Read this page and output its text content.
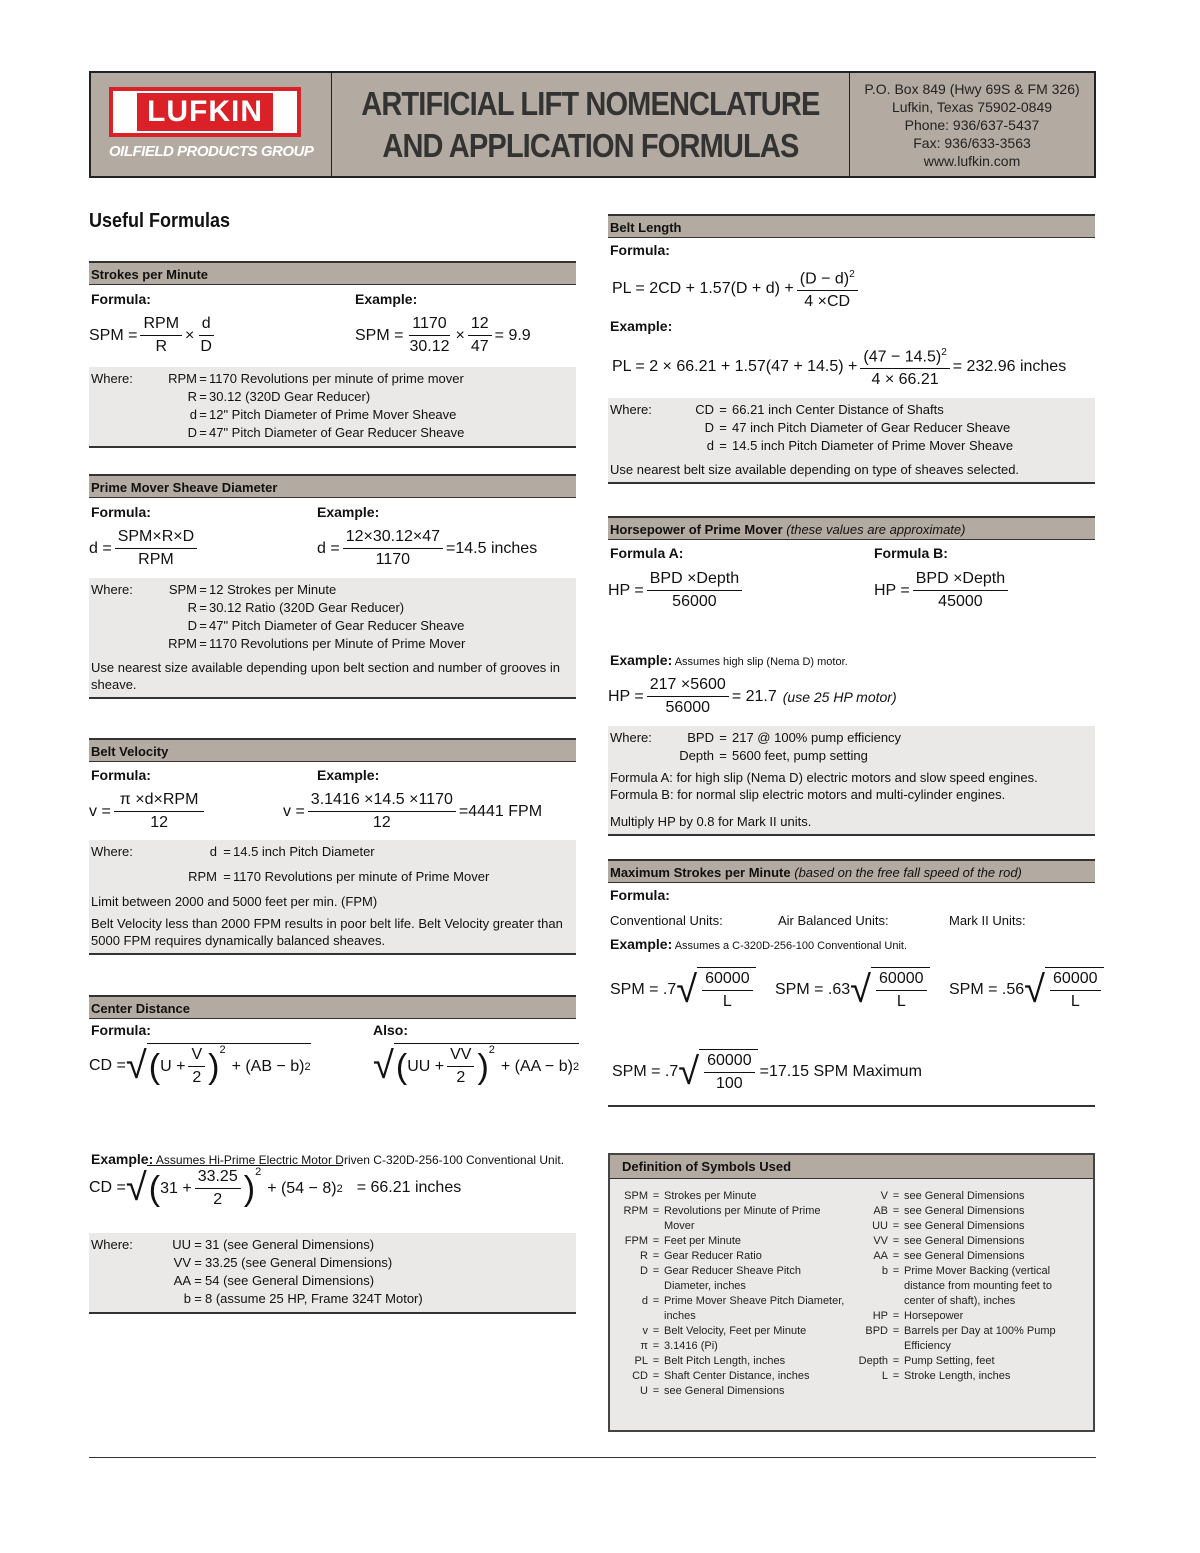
LUFKIN
OILFIELD PRODUCTS GROUP
ARTIFICIAL LIFT NOMENCLATURE
AND APPLICATION FORMULAS
P.O. Box 849 (Hwy 69S & FM 326)
Lufkin, Texas 75902-0849
Phone: 936/637-5437
Fax: 936/633-3563
www.lufkin.com
Useful Formulas
Strokes per Minute
Formula:	Example:
SPM = $\frac{\text{RPM}}{R} \times \frac{d}{D}$	SPM = $\frac{1170}{30.12} \times \frac{12}{47} = 9.9$
Where:	RPM = 1170 Revolutions per minute of prime mover
R = 30.12 (320D Gear Reducer)
d = 12" Pitch Diameter of Prime Mover Sheave
D = 47" Pitch Diameter of Gear Reducer Sheave
Prime Mover Sheave Diameter
Formula:	Example:
$d = \frac{\text{SPM×R×D}}{\text{RPM}}$	$d = \frac{12\times 30.12\times 47}{1170} =14.5$ inches
Where:	SPM = 12 Strokes per Minute
R = 30.12 Ratio (320D Gear Reducer)
D = 47" Pitch Diameter of Gear Reducer Sheave
RPM = 1170 Revolutions per Minute of Prime Mover
Use nearest size available depending upon belt section and number of grooves in sheave.
Belt Velocity
Formula:	Example:
$v = \frac{\text{π ×d×RPM}}{12}$	$v = \frac{3.1416 \times 14.5 \times 1170}{12} =4441$ FPM
Where:	d = 14.5 inch Pitch Diameter
RPM = 1170 Revolutions per minute of Prime Mover
Limit between 2000 and 5000 feet per min. (FPM)
Belt Velocity less than 2000 FPM results in poor belt life. Belt Velocity greater than 5000 FPM requires dynamically balanced sheaves.
Center Distance
Formula:	Also:
CD = √ ( $U + \frac{V}{2} )^2$
+ (AB − b) 2 √ ( UU + $\frac{VV}{2} )^2$
+ (AA − b) 2
Example: Assumes Hi-Prime Electric Motor Driven C-320D-256-100 Conventional Unit.
CD = √ ( $31 + \frac{33.25}{2} )^2$
+ (54 − 8) 2 = 66.21 inches
Where:	UU = 31 (see General Dimensions)
VV = 33.25 (see General Dimensions)
AA = 54 (see General Dimensions)
b = 8 (assume 25 HP, Frame 324T Motor)
Belt Length
Formula:
PL = $2CD + 1.57(D + d) + \frac{(D - d)^2}{4 \times CD}$
Example:
PL = $2 \times 66.21 + 1.57(47 + 14.5) + \frac{(47 - 14.5)^2}{4 \times 66.21} = 232.96$ inches
Where:	CD = 66.21 inch Center Distance of Shafts
D = 47 inch Pitch Diameter of Gear Reducer Sheave
d = 14.5 inch Pitch Diameter of Prime Mover Sheave
Use nearest belt size available depending on type of sheaves selected.
Horsepower of Prime Mover (these values are approximate)
Formula A:	Formula B:
HP = $\frac{\text{BPD ×Depth}}{56000}$	HP = $\frac{\text{BPD ×Depth}}{45000}$
Example: Assumes high slip (Nema D) motor.
HP = $\frac{217 \times 5600}{56000} = 21.7$ (use 25 HP motor)
Where:	BPD = 217 @ 100% pump efficiency
Depth = 5600 feet, pump setting
Formula A: for high slip (Nema D) electric motors and slow speed engines.
Formula B: for normal slip electric motors and multi-cylinder engines.
Multiply HP by 0.8 for Mark II units.
Maximum Strokes per Minute (based on the free fall speed of the rod)
Formula:
Conventional Units:	Air Balanced Units:	Mark II Units:
Example: Assumes a C-320D-256-100 Conventional Unit.
SPM = .7 √ $\frac{60000}{L}$ SPM = .63 √ $\frac{60000}{L}$ SPM = .56 √ $\frac{60000}{L}$
SPM = .7 √ $\frac{60000}{100} =17.15$ SPM Maximum
Definition of Symbols Used
SPM = Strokes per Minute
RPM = Revolutions per Minute of Prime Mover
FPM = Feet per Minute
R = Gear Reducer Ratio
D = Gear Reducer Sheave Pitch Diameter, inches
d = Prime Mover Sheave Pitch Diameter, inches
v = Belt Velocity, Feet per Minute
π = 3.1416 (Pi)
PL = Belt Pitch Length, inches
CD = Shaft Center Distance, inches
U = see General Dimensions
V = see General Dimensions
AB = see General Dimensions
UU = see General Dimensions
VV = see General Dimensions
AA = see General Dimensions
b = Prime Mover Backing (vertical distance from mounting feet to center of shaft), inches
HP = Horsepower
BPD = Barrels per Day at 100% Pump Efficiency
Depth = Pump Setting, feet
L = Stroke Length, inches
